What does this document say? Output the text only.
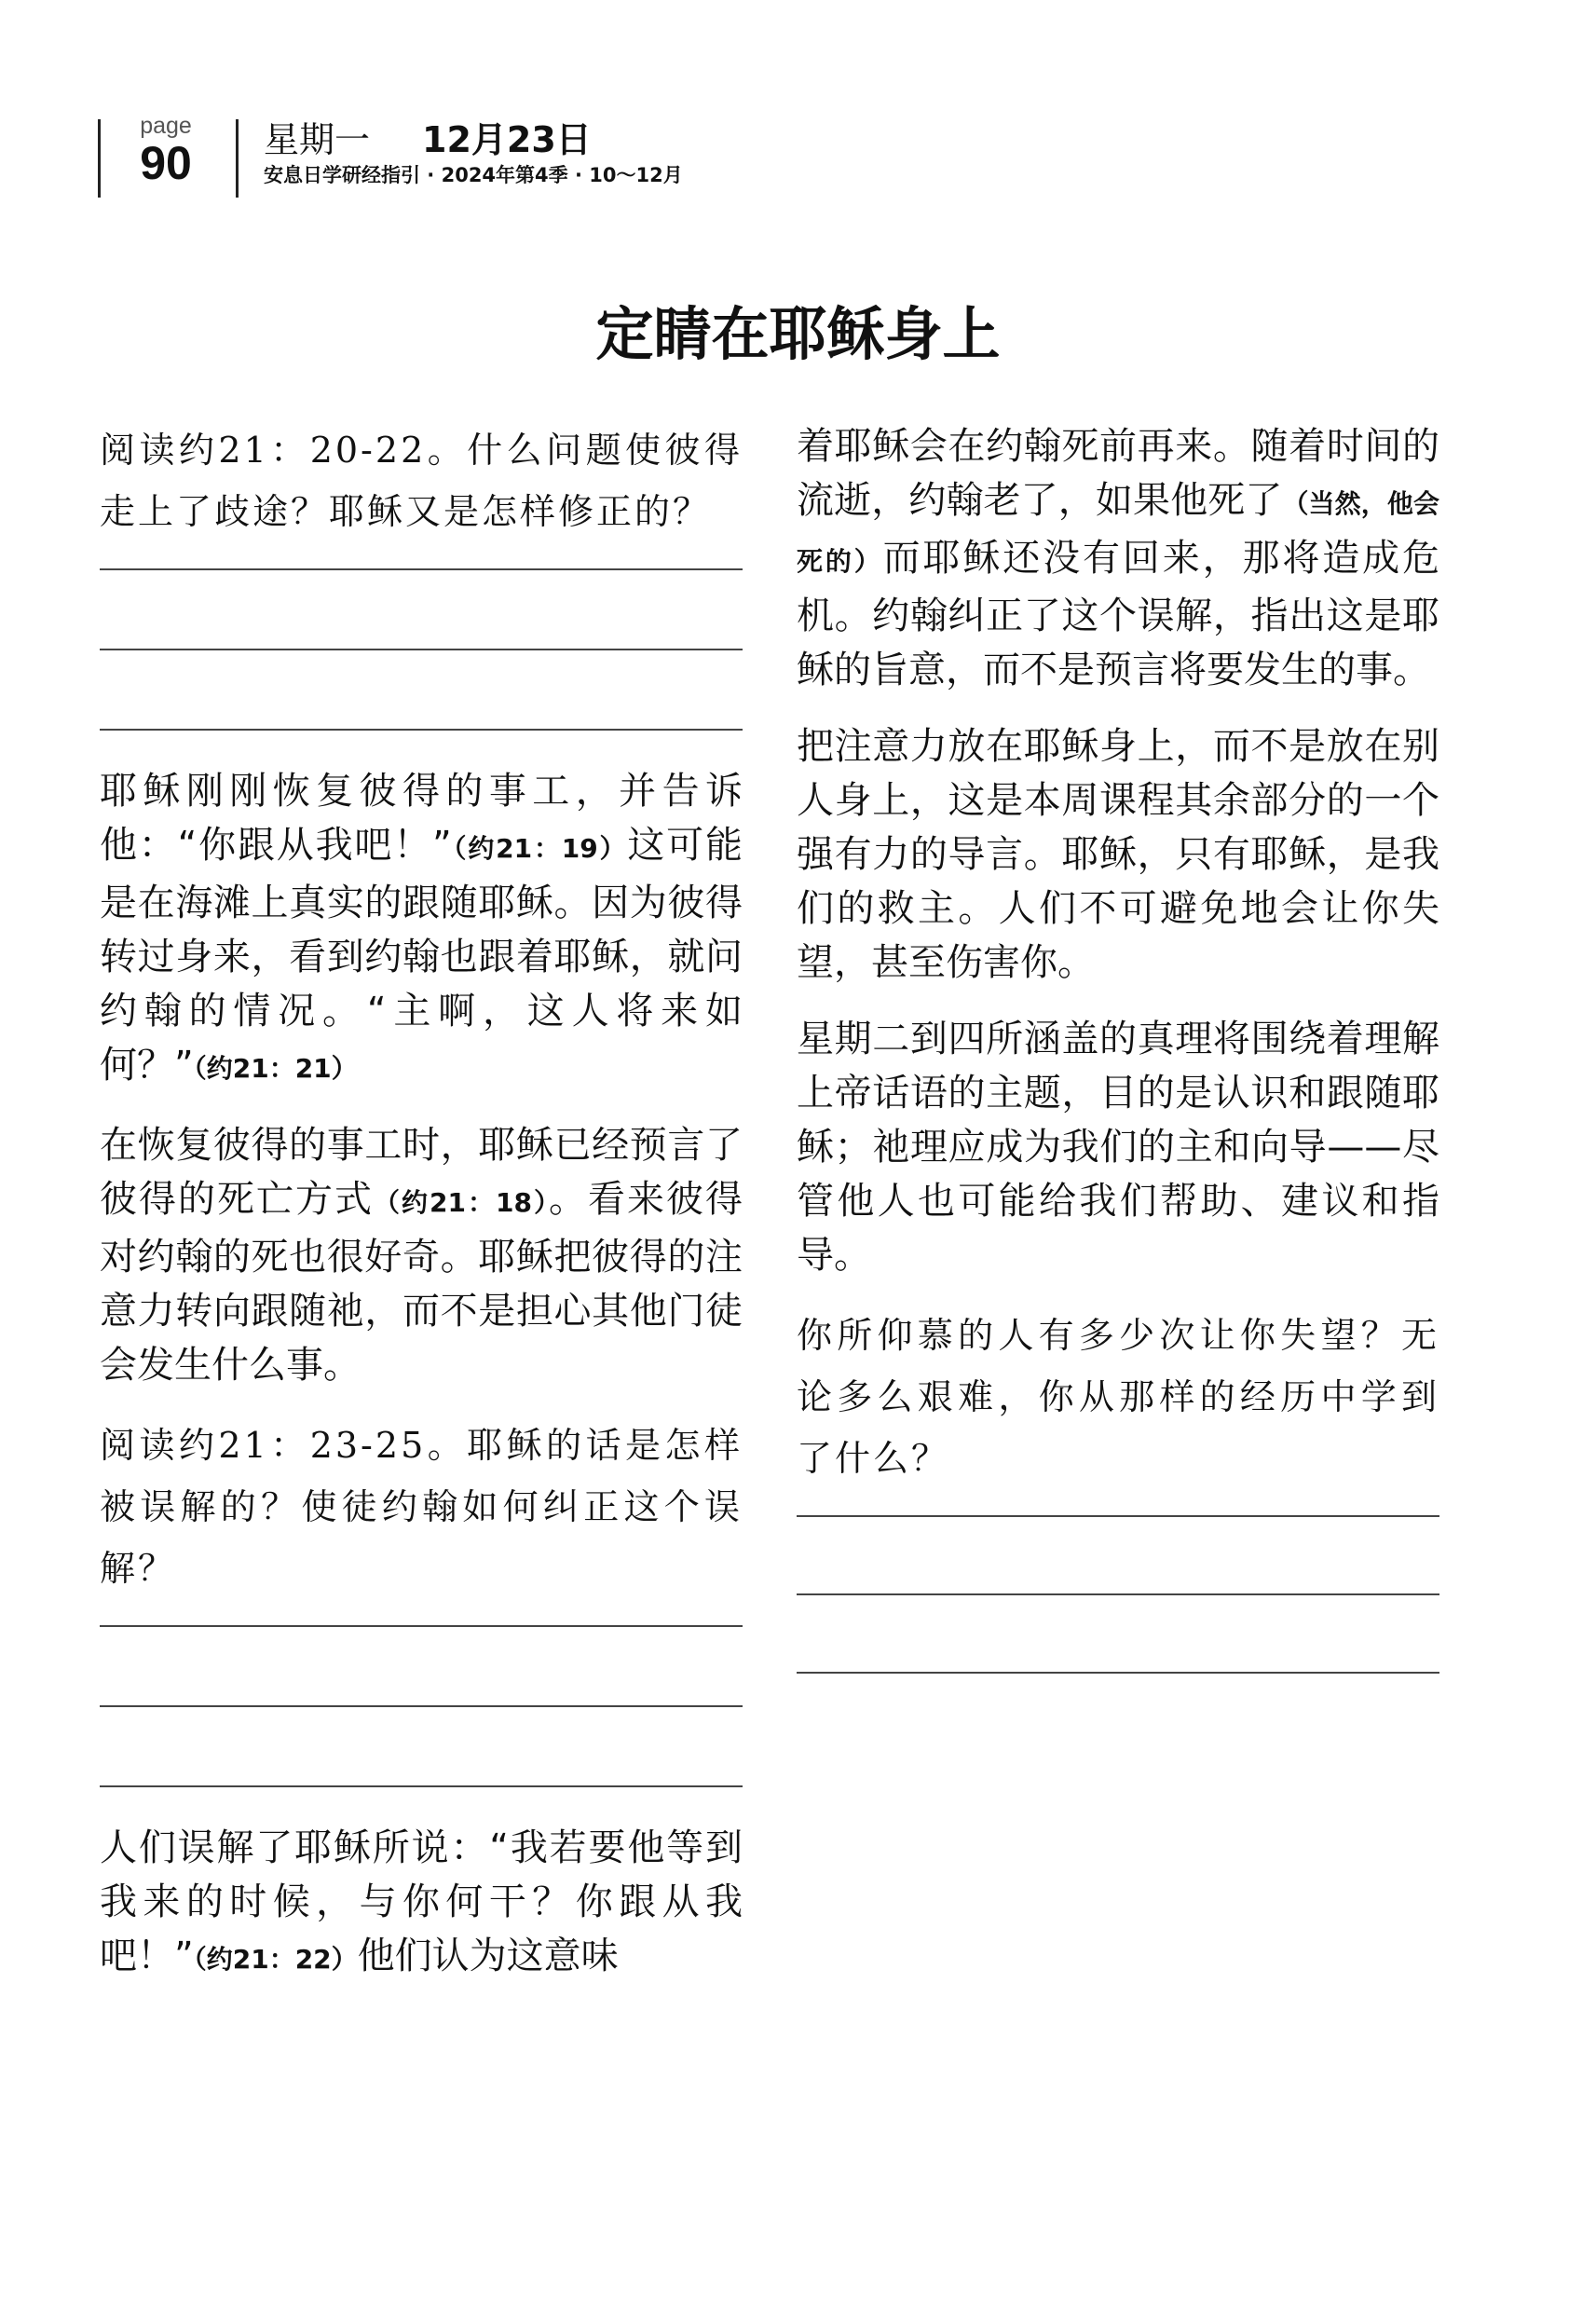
page
90	星期一 12月23日
安息日学研经指引 · 2024年第4季 · 10～12月
定睛在耶稣身上

阅读约21：20-22。什么问题使彼得走上了歧途？耶稣又是怎样修正的？

耶稣刚刚恢复彼得的事工，并告诉他：“你跟从我吧！”（约21：19）这可能是在海滩上真实的跟随耶稣。因为彼得转过身来，看到约翰也跟着耶稣，就问约翰的情况。“主啊，这人将来如何？”（约21：21）

在恢复彼得的事工时，耶稣已经预言了彼得的死亡方式（约21：18）。看来彼得对约翰的死也很好奇。耶稣把彼得的注意力转向跟随祂，而不是担心其他门徒会发生什么事。

阅读约21：23-25。耶稣的话是怎样被误解的？使徒约翰如何纠正这个误解？

人们误解了耶稣所说：“我若要他等到我来的时候，与你何干？你跟从我吧！”（约21：22）他们认为这意味

着耶稣会在约翰死前再来。随着时间的流逝，约翰老了，如果他死了（当然，他会死的）而耶稣还没有回来，那将造成危机。约翰纠正了这个误解，指出这是耶稣的旨意，而不是预言将要发生的事。

把注意力放在耶稣身上，而不是放在别人身上，这是本周课程其余部分的一个强有力的导言。耶稣，只有耶稣，是我们的救主。人们不可避免地会让你失望，甚至伤害你。

星期二到四所涵盖的真理将围绕着理解上帝话语的主题，目的是认识和跟随耶稣；祂理应成为我们的主和向导——尽管他人也可能给我们帮助、建议和指导。

你所仰慕的人有多少次让你失望？无论多么艰难，你从那样的经历中学到了什么？
